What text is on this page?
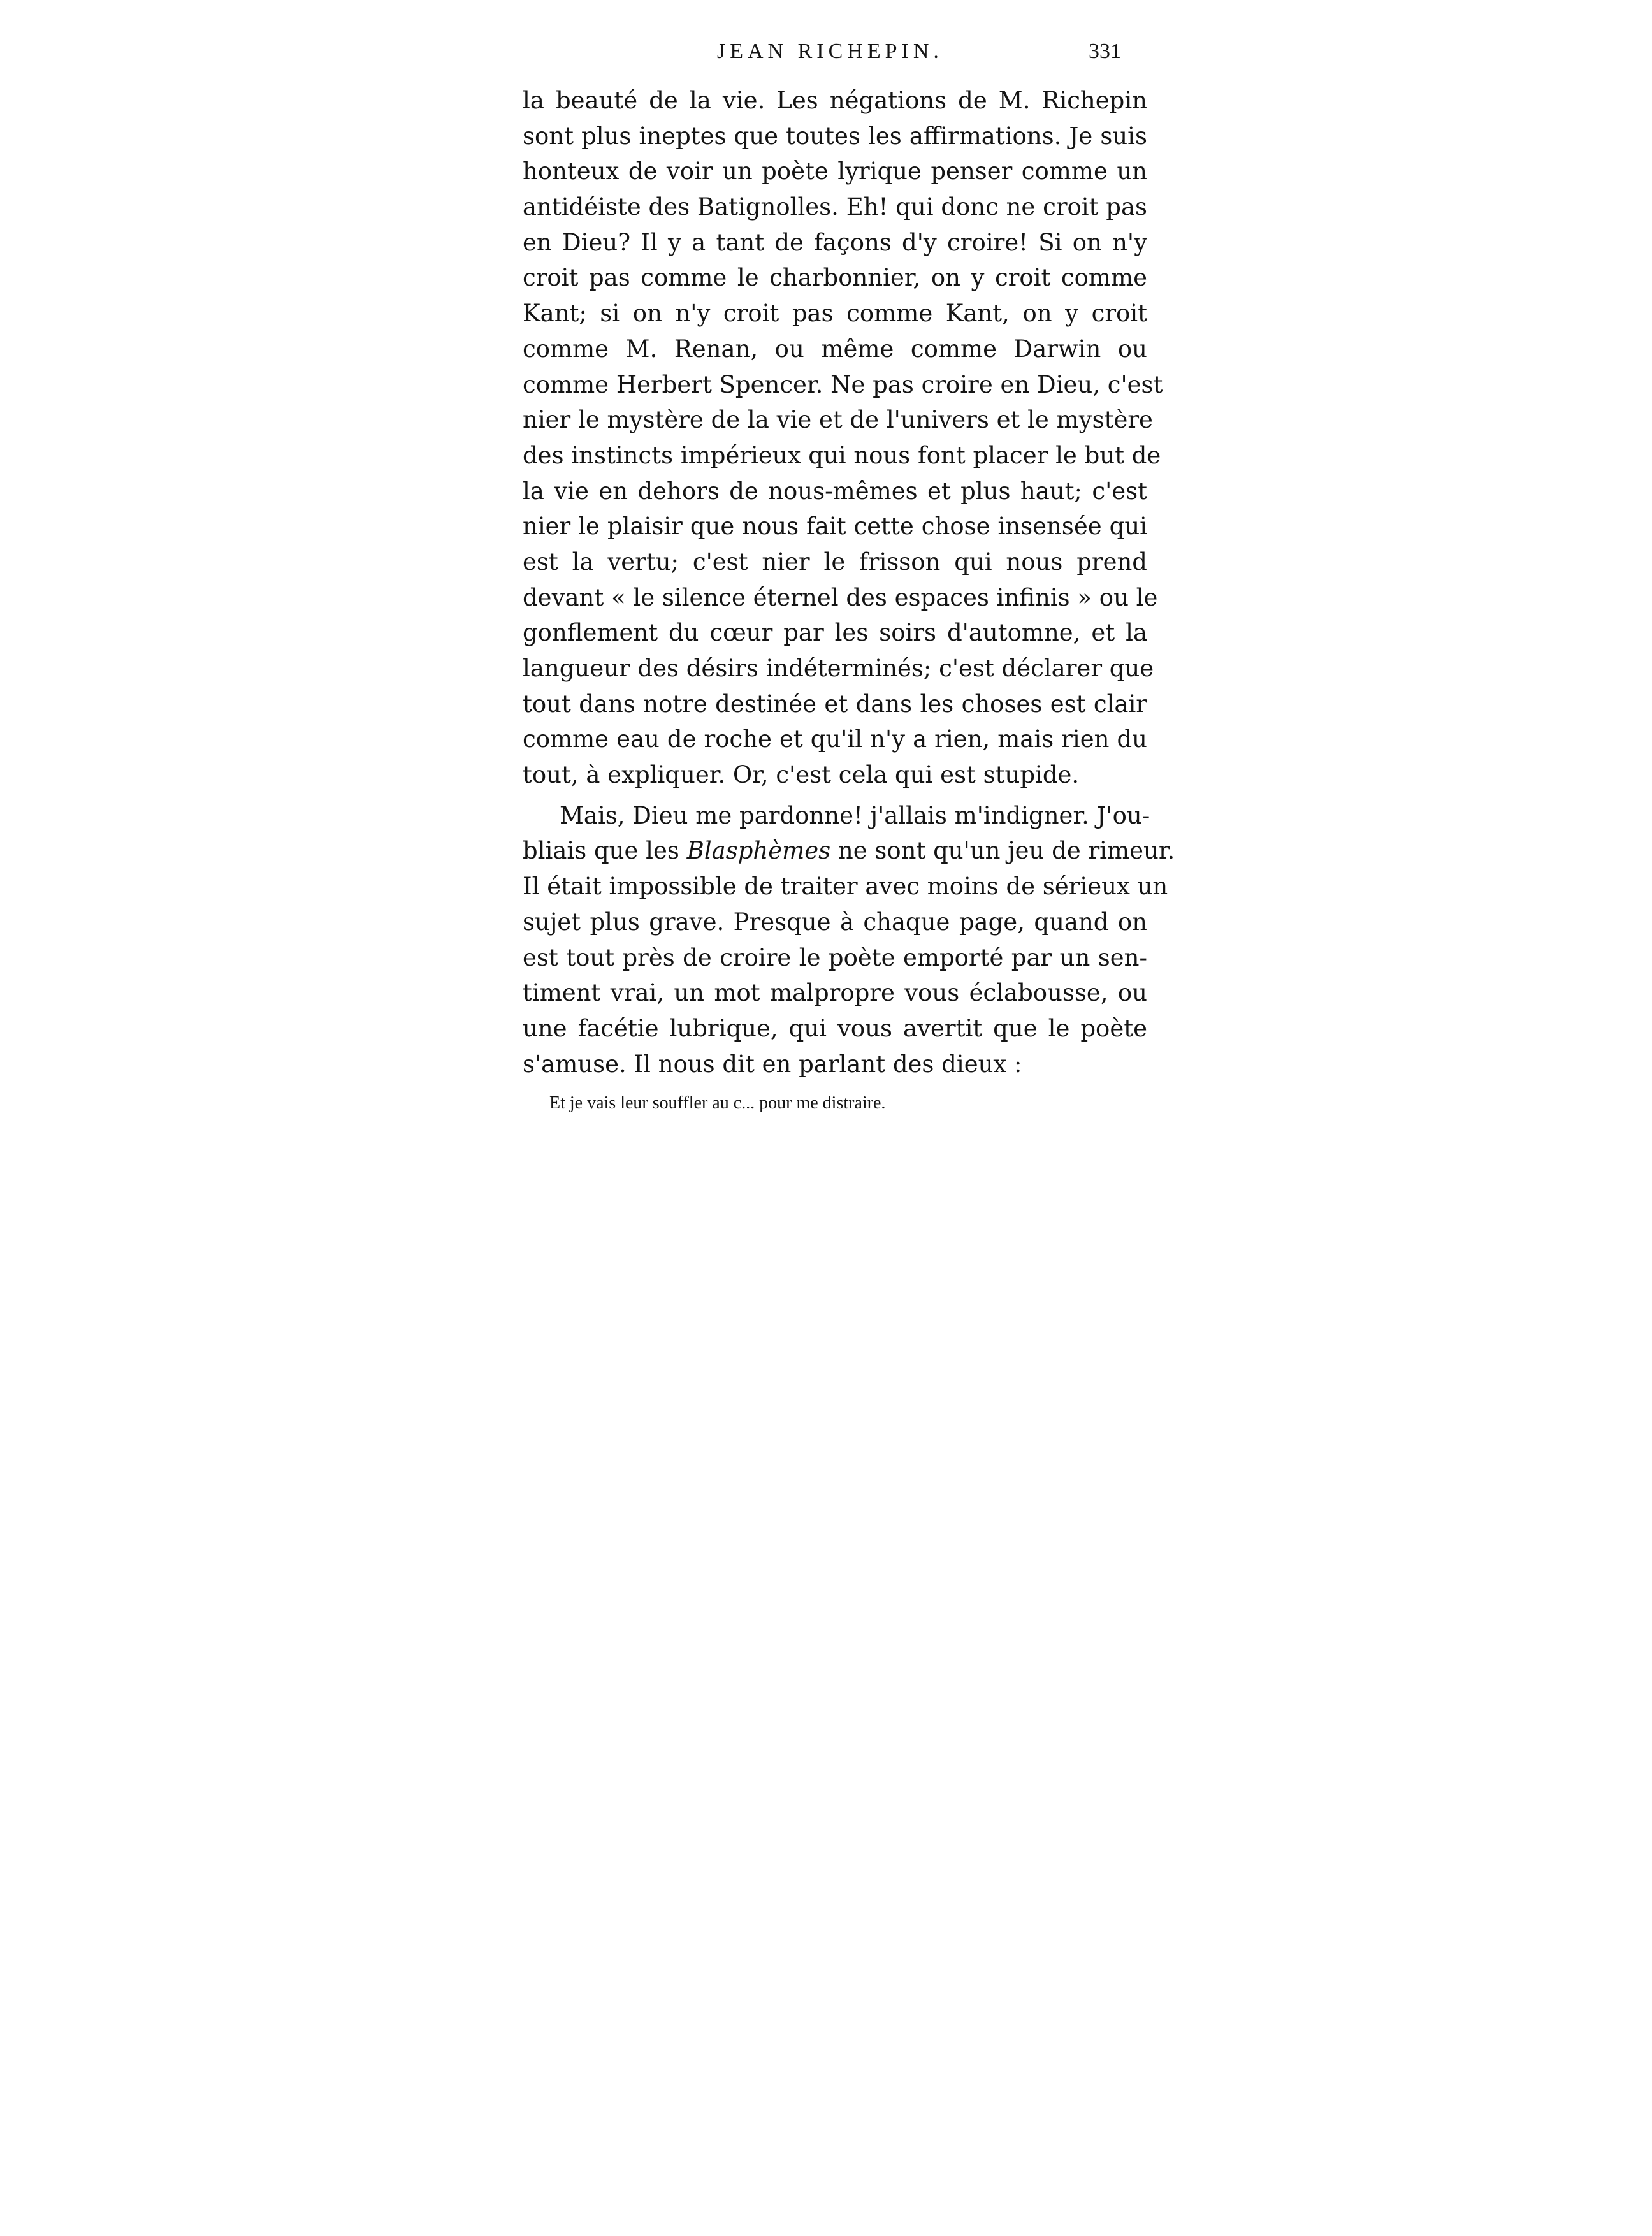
JEAN RICHEPIN.	331
la beauté de la vie. Les négations de M. Richepin
sont plus ineptes que toutes les affirmations. Je suis
honteux de voir un poète lyrique penser comme un
antidéiste des Batignolles. Eh! qui donc ne croit pas
en Dieu? Il y a tant de façons d'y croire! Si on n'y
croit pas comme le charbonnier, on y croit comme
Kant; si on n'y croit pas comme Kant, on y croit
comme M. Renan, ou même comme Darwin ou
comme Herbert Spencer. Ne pas croire en Dieu, c'est
nier le mystère de la vie et de l'univers et le mystère
des instincts impérieux qui nous font placer le but de
la vie en dehors de nous-mêmes et plus haut; c'est
nier le plaisir que nous fait cette chose insensée qui
est la vertu; c'est nier le frisson qui nous prend
devant « le silence éternel des espaces infinis » ou le
gonflement du cœur par les soirs d'automne, et la
langueur des désirs indéterminés; c'est déclarer que
tout dans notre destinée et dans les choses est clair
comme eau de roche et qu'il n'y a rien, mais rien du
tout, à expliquer. Or, c'est cela qui est stupide.
Mais, Dieu me pardonne! j'allais m'indigner. J'ou-
bliais que les Blasphèmes ne sont qu'un jeu de rimeur.
Il était impossible de traiter avec moins de sérieux un
sujet plus grave. Presque à chaque page, quand on
est tout près de croire le poète emporté par un sen-
timent vrai, un mot malpropre vous éclabousse, ou
une facétie lubrique, qui vous avertit que le poète
s'amuse. Il nous dit en parlant des dieux :
Et je vais leur souffler au c... pour me distraire.
